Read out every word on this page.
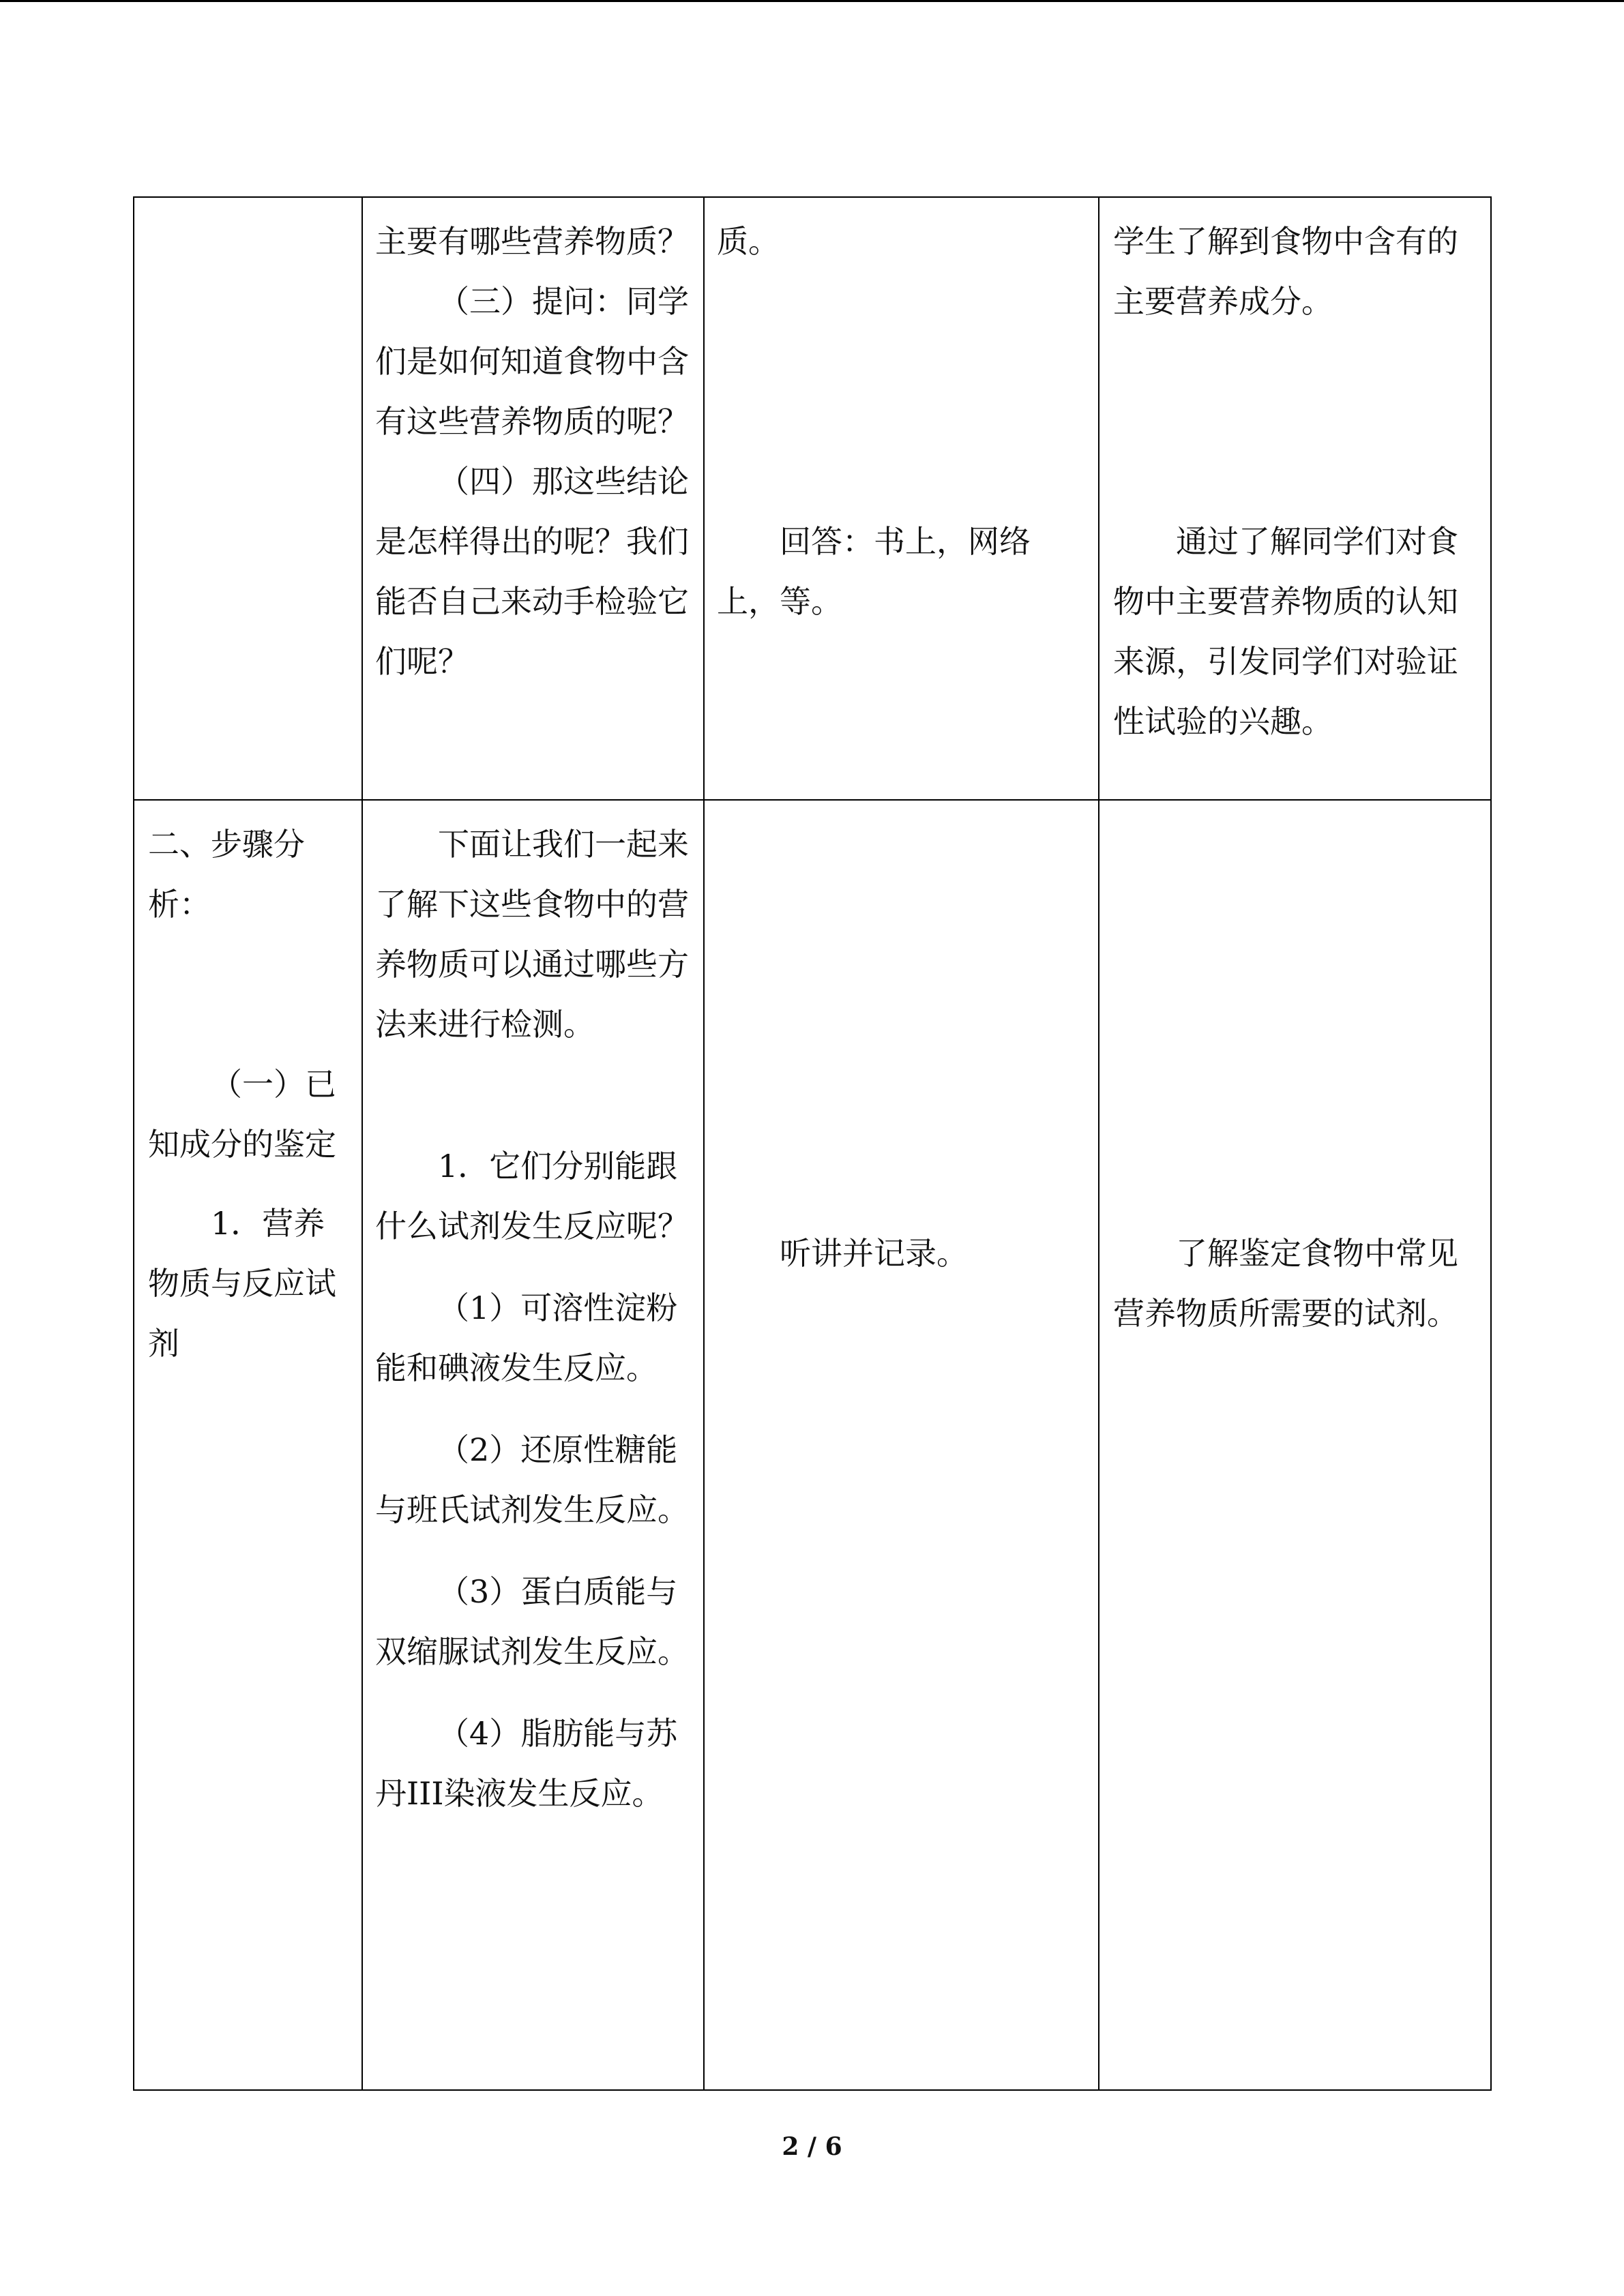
主要有哪些营养物质？

（三）提问：同学们是如何知道食物中含有这些营养物质的呢？

（四）那这些结论是怎样得出的呢？我们能否自己来动手检验它们呢？

质。

回答：书上，网络上，等。

学生了解到食物中含有的主要营养成分。

通过了解同学们对食物中主要营养物质的认知来源，引发同学们对验证性试验的兴趣。

二、步骤分析：

（一）已知成分的鉴定

1．营养物质与反应试剂

下面让我们一起来了解下这些食物中的营养物质可以通过哪些方法来进行检测。

1．它们分别能跟什么试剂发生反应呢？

（1）可溶性淀粉能和碘液发生反应。

（2）还原性糖能与班氏试剂发生反应。

（3）蛋白质能与双缩脲试剂发生反应。

（4）脂肪能与苏丹III染液发生反应。

听讲并记录。	了解鉴定食物中常见营养物质所需要的试剂。

2 / 6
